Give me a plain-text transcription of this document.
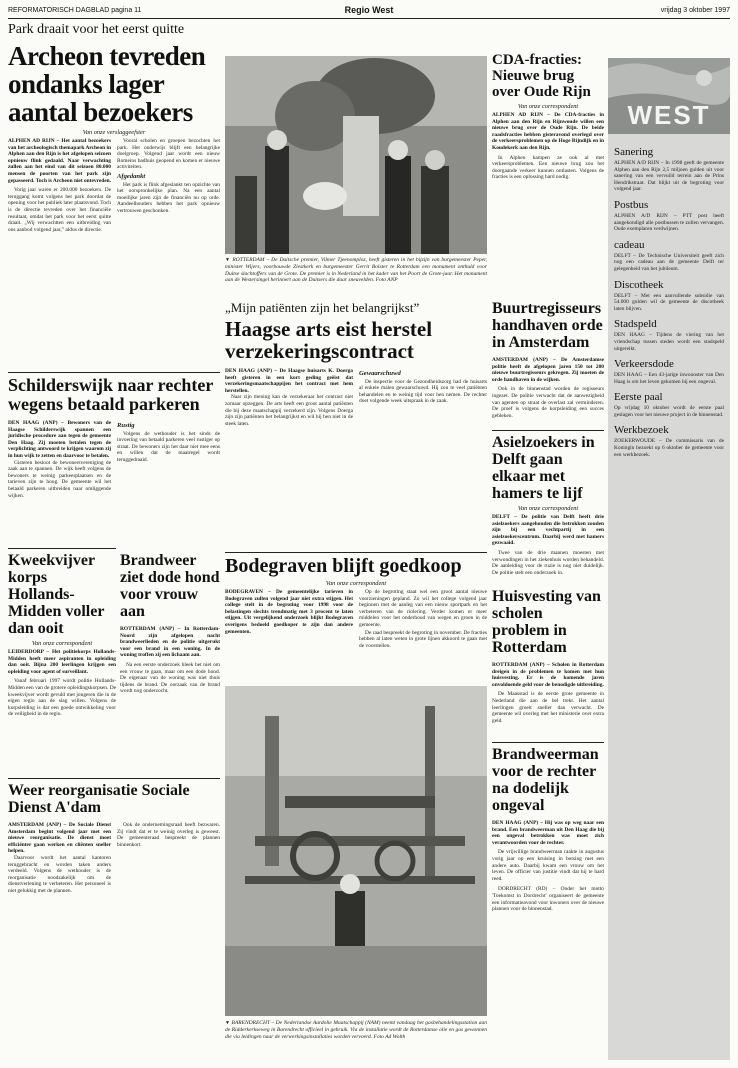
REFORMATORISCH DAGBLAD pagina 11	Regio West	vrijdag 3 oktober 1997
Park draait voor het eerst quitte
Archeon tevreden ondanks lager aantal bezoekers
Van onze verslaggeefster
ALPHEN AD RIJN – Het aantal bezoekers van het archeologisch themapark Archeon in Alphen aan den Rijn is het afgelopen seizoen opnieuw flink gedaald. Naar verwachting zullen aan het eind van dit seizoen 80.000 mensen de poorten van het park zijn gepasseerd. Toch is Archeon niet ontevreden.

Vorig jaar waren er 200.000 bezoekers. De teruggang komt volgens het park doordat de opening voor het publiek later plaatsvond. Toch is de directie tevreden over het financiële resultaat, omdat het park voor het eerst quitte draait. „Wij verwachtten een uitbreiding van ons aanbod volgend jaar,” aldus de directie.

Vooral scholen en groepen bezochten het park. Het onderwijs blijft een belangrijke doelgroep. Volgend jaar wordt een nieuw Romeins badhuis geopend en komen er nieuwe activiteiten.

Afgedankt

Het park is flink afgeslankt ten opzichte van het oorspronkelijke plan. Na een aantal moeilijke jaren zijn de financiën nu op orde. Aandeelhouders hebben het park opnieuw vertrouwen geschonken.

▼ ROTTERDAM – De Duitsche premier, Vilmer Tjeenomploz, heeft gisteren in het bijzijn van burgemeester Peper, minister Wijers, voorbouwde Ziestkerk en burgemeester Gerrit Bolster te Rotterdam een monument onthuld voor Duitse slachtoffers van de Grote. De premier is in Nederland in het kader van het Poort de Grote-jaar. Het monument aan de Westersingel herinnert aan de Duitsers die daar sneuvelden. Foto ANP
„Mijn patiënten zijn het belangrijkst”
Haagse arts eist herstel verzekeringscontract
DEN HAAG (ANP) – De Haagse huisarts K. Doerga heeft gisteren in een kort geding geëist dat verzekeringsmaatschappijen het contract met hem herstellen.

Naar zijn mening kan de verzekeraar het contract niet zomaar opzeggen. De arts heeft een groot aantal patiënten die bij deze maatschappij verzekerd zijn. Volgens Doerga zijn zijn patiënten het belangrijkst en wil hij hen niet in de steek laten.

Gewaarschuwd

De inspectie voor de Gezondheidszorg had de huisarts al enkele malen gewaarschuwd. Hij zou te veel patiënten behandelen en te weinig tijd voor hen nemen. De rechter doet volgende week uitspraak in de zaak.

Schilderswijk naar rechter wegens betaald parkeren
DEN HAAG (ANP) – Bewoners van de Haagse Schilderswijk spannen een juridische procedure aan tegen de gemeente Den Haag. Zij moeten betalen tegen de verplichting antwoord te krijgen waarom zij in hun wijk te zetten en daarvoor te betalen.

Gisteren besloot de bewonersvereniging de zaak aan te spannen. De wijk heeft volgens de bewoners te weinig parkeerplaatsen en de tarieven zijn te hoog. De gemeente wil het betaald parkeren uitbreiden naar omliggende wijken.

Rustig

Volgens de wethouder is het sinds de invoering van betaald parkeren veel rustiger op straat. De bewoners zijn het daar niet mee eens en willen dat de maatregel wordt teruggedraaid.

Kweekvijver korps Hollands-Midden voller dan ooit
Van onze correspondent
LEIDERDORP – Het politiekorps Hollands-Midden heeft meer aspiranten in opleiding dan ooit. Bijna 200 leerlingen krijgen een opleiding voor agent of surveillant.

Vanaf februari 1997 wordt politie Hollands-Midden een van de grotere opleidingskorpsen. De kweekvijver wordt gevuld met jongeren die in de eigen regio aan de slag willen. Volgens de korpsleiding is dat een goede ontwikkeling voor de veiligheid in de regio.

Brandweer ziet dode hond voor vrouw aan
ROTTERDAM (ANP) – In Rotterdam-Noord zijn afgelopen nacht brandweerlieden en de politie uitgerukt voor een brand in een woning. In de woning troffen zij een lichaam aan.

Na een eerste onderzoek bleek het niet om een vrouw te gaan, maar om een dode hond. De eigenaar van de woning was niet thuis tijdens de brand. De oorzaak van de brand wordt nog onderzocht.

Bodegraven blijft goedkoop
Van onze correspondent
BODEGRAVEN – De gemeentelijke tarieven in Bodegraven zullen volgend jaar niet extra stijgen. Het college stelt in de begroting voor 1998 voor de belastingen slechts trendmatig met 3 procent te laten stijgen. Uit vergelijkend onderzoek blijkt Bodegraven overigens bedoeld goedkoper te zijn dan andere gemeenten.

Op de begroting staat wel een groot aantal nieuwe voorzieningen gepland. Zo wil het college volgend jaar beginnen met de aanleg van een nieuw sportpark en het verbeteren van de riolering. Verder komen er meer middelen voor het onderhoud van wegen en groen in de gemeente.

De raad bespreekt de begroting in november. De fracties hebben al laten weten in grote lijnen akkoord te gaan met de voorstellen.

▼ BARENDRECHT – De Nederlandse Aardolie Maatschappij (NAM) neemt vandaag het gasbehandelingsstation aan de Ridderkerkseweg in Barendrecht officieel in gebruik. Via de installatie wordt de Rotterdamse olie en gas gewonnen die via leidingen naar de verwerkingsinstallaties worden vervoerd. Foto Ad Wolth
Weer reorganisatie Sociale Dienst A'dam
AMSTERDAM (ANP) – De Sociale Dienst Amsterdam begint volgend jaar met een nieuwe reorganisatie. De dienst moet efficiënter gaan werken en cliënten sneller helpen.

Daarvoor wordt het aantal kantoren teruggebracht en worden taken anders verdeeld. Volgens de wethouder is de reorganisatie noodzakelijk om de dienstverlening te verbeteren. Het personeel is niet gelukkig met de plannen.

Ook de ondernemingsraad heeft bezwaren. Zij vindt dat er te weinig overleg is geweest. De gemeenteraad bespreekt de plannen binnenkort.

Buurtregisseurs handhaven orde in Amsterdam
AMSTERDAM (ANP) – De Amsterdamse politie heeft de afgelopen jaren 150 tot 200 nieuwe buurtregisseurs gekregen. Zij moeten de orde handhaven in de wijken.

Ook in de binnenstad worden de regisseurs ingezet. De politie verwacht dat de aanwezigheid van agenten op straat de overlast zal verminderen. De proef is volgens de korpsleiding een succes gebleken.

Asielzoekers in Delft gaan elkaar met hamers te lijf
Van onze correspondent
DELFT – De politie van Delft heeft drie asielzoekers aangehouden die betrokken zouden zijn bij een vechtpartij in een asielzoekerscentrum. Daarbij werd met hamers gezwaaid.

Twee van de drie mannen moesten met verwondingen in het ziekenhuis worden behandeld. De aanleiding voor de ruzie is nog niet duidelijk. De politie stelt een onderzoek in.

CDA-fracties: Nieuwe brug over Oude Rijn
Van onze correspondent
ALPHEN AD RIJN – De CDA-fracties in Alphen aan den Rijn en Rijnwoude willen een nieuwe brug over de Oude Rijn. De beide raadsfracties hebben gisteravond overlegd over de verkeersproblemen op de Hoge Rijndijk en in Koudekerk aan den Rijn.

In Alphen kampen ze ook al met verkeersproblemen. Een nieuwe brug zou het doorgaande verkeer kunnen ontlasten. Volgens de fracties is een oplossing hard nodig.

Huisvesting van scholen problem in Rotterdam
ROTTERDAM (ANP) – Scholen in Rotterdam dreigen in de problemen te komen met hun huisvesting. Er is de komende jaren onvoldoende geld voor de benodigde uitbreiding.

De Maasstad is de eerste grote gemeente in Nederland die aan de bel trekt. Het aantal leerlingen groeit sneller dan verwacht. De gemeente wil overleg met het ministerie over extra geld.

Brandweerman voor de rechter na dodelijk ongeval
DEN HAAG (ANP) – Hij was op weg naar een brand. Een brandweerman uit Den Haag die bij een ongeval betrokken was moet zich verantwoorden voor de rechter.

De vrijwillige brandweerman raakte in augustus vorig jaar op een kruising in botsing met een andere auto. Daarbij kwam een vrouw om het leven. De officier van justitie vindt dat hij te hard reed.

DORDRECHT (RD) – Onder het motto 'Toekomst in Dordrecht' organiseert de gemeente een informatieavond voor inwoners over de nieuwe plannen voor de binnenstad.

WEST
Sanering
ALPHEN A/D RIJN – In 1998 geeft de gemeente Alphen aan den Rijn 2,5 miljoen gulden uit voor sanering van een vervuild terrein aan de Prins Hendrikstraat. Dat blijkt uit de begroting voor volgend jaar.
Postbus
ALPHEN A/D RIJN – PTT post heeft aangekondigd alle postbussen te zullen vervangen. Oude exemplaren verdwijnen.
cadeau
DELFT – De Technische Universiteit geeft zich nog een cadeau aan de gemeente Delft ter gelegenheid van het jubileum.
Discotheek
DELFT – Met een aanvullende subsidie van 54.000 gulden wil de gemeente de discotheek laten blijven.
Stadspeld
DEN HAAG – Tijdens de viering van het vriendschap tussen steden wordt een stadspeld uitgereikt.
Verkeersdode
DEN HAAG – Een 43-jarige inwoonster van Den Haag is om het leven gekomen bij een ongeval.
Eerste paal
Op vrijdag 10 oktober wordt de eerste paal geslagen voor het nieuwe project in de binnenstad.
Werkbezoek
ZOEKERWOUDE – De commissaris van de Koningin bezoekt op 6 oktober de gemeente voor een werkbezoek.
